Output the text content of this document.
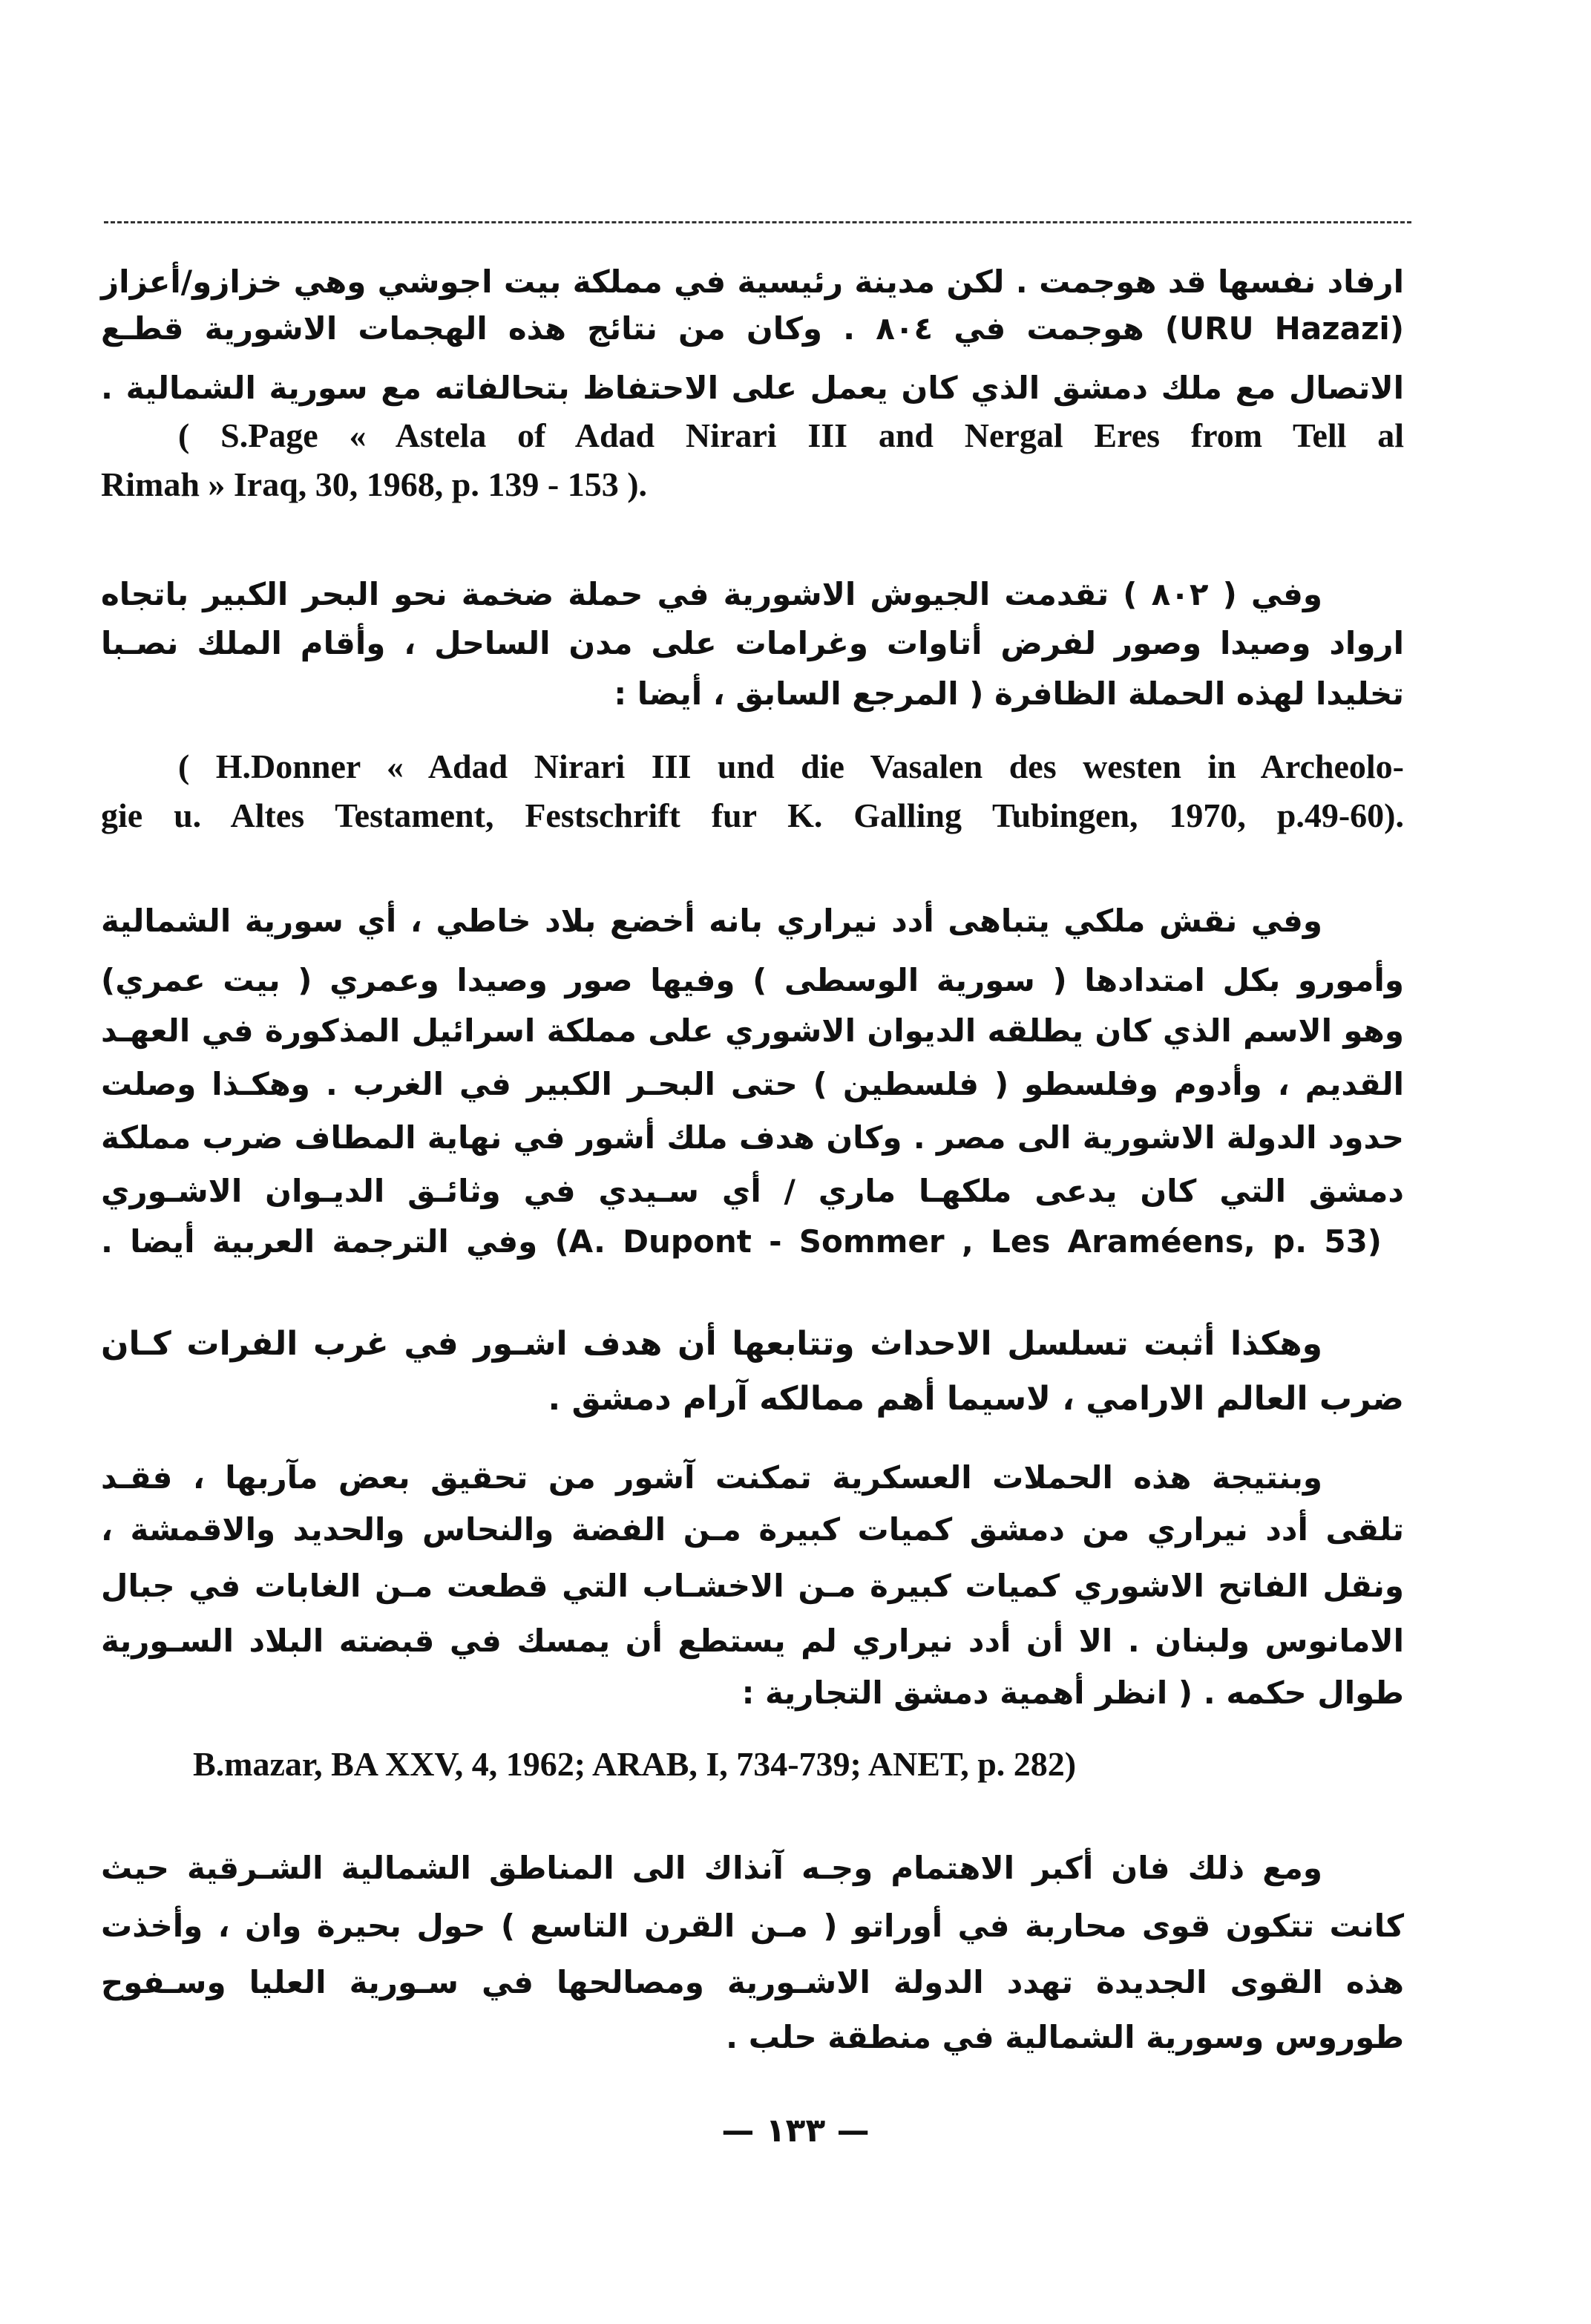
ارفاد نفسها قد هوجمت . لكن مدينة رئيسية في مملكة بيت اجوشي وهي خزازو/أعزاز
(URU Hazazi) هوجمت في ٨٠٤ . وكان من نتائج هذه الهجمات الاشورية قطـع
الاتصال مع ملك دمشق الذي كان يعمل على الاحتفاظ بتحالفاته مع سورية الشمالية .
( S.Page « Astela of Adad Nirari III and Nergal Eres from Tell al
Rimah » Iraq, 30, 1968, p. 139 - 153 ).
وفي ( ٨٠٢ ) تقدمت الجيوش الاشورية في حملة ضخمة نحو البحر الكبير باتجاه
ارواد وصيدا وصور لفرض أتاوات وغرامات على مدن الساحل ، وأقام الملك نصـبا
تخليدا لهذه الحملة الظافرة ( المرجع السابق ، أيضا :
( H.Donner « Adad Nirari III und die Vasalen des westen in Archeolo-
gie u. Altes Testament, Festschrift fur K. Galling Tubingen, 1970, p.49-60).
وفي نقش ملكي يتباهى أدد نيراري بانه أخضع بلاد خاطي ، أي سورية الشمالية
وأمورو بكل امتدادها ( سورية الوسطى ) وفيها صور وصيدا وعمري ( بيت عمري)
وهو الاسم الذي كان يطلقه الديوان الاشوري على مملكة اسرائيل المذكورة في العهـد
القديم ، وأدوم وفلسطو ( فلسطين ) حتى البحـر الكبير في الغرب . وهكـذا وصلت
حدود الدولة الاشورية الى مصر . وكان هدف ملك أشور في نهاية المطاف ضرب مملكة
دمشق التي كان يدعى ملكهـا ماري / أي سـيدي في وثائـق الديـوان الاشـوري
(A. Dupont - Sommer , Les Araméens, p. 53) وفي الترجمة العربية أيضا .
وهكذا أثبت تسلسل الاحداث وتتابعها أن هدف اشـور في غرب الفرات كـان
ضرب العالم الارامي ، لاسيما أهم ممالكه آرام دمشق .
وبنتيجة هذه الحملات العسكرية تمكنت آشور من تحقيق بعض مآربها ، فقـد
تلقى أدد نيراري من دمشق كميات كبيرة مـن الفضة والنحاس والحديد والاقمشة ،
ونقل الفاتح الاشوري كميات كبيرة مـن الاخشـاب التي قطعت مـن الغابات في جبال
الامانوس ولبنان . الا أن أدد نيراري لم يستطع أن يمسك في قبضته البلاد السـورية
طوال حكمه . ( انظر أهمية دمشق التجارية :
B.mazar, BA XXV, 4, 1962; ARAB, I, 734-739; ANET, p. 282)
ومع ذلك فان أكبر الاهتمام وجـه آنذاك الى المناطق الشمالية الشـرقية حيث
كانت تتكون قوى محاربة في أوراتو ( مـن القرن التاسع ) حول بحيرة وان ، وأخذت
هذه القوى الجديدة تهدد الدولة الاشـورية ومصالحها في سـورية العليا وسـفوح
طوروس وسورية الشمالية في منطقة حلب .
— ١٣٣ —
